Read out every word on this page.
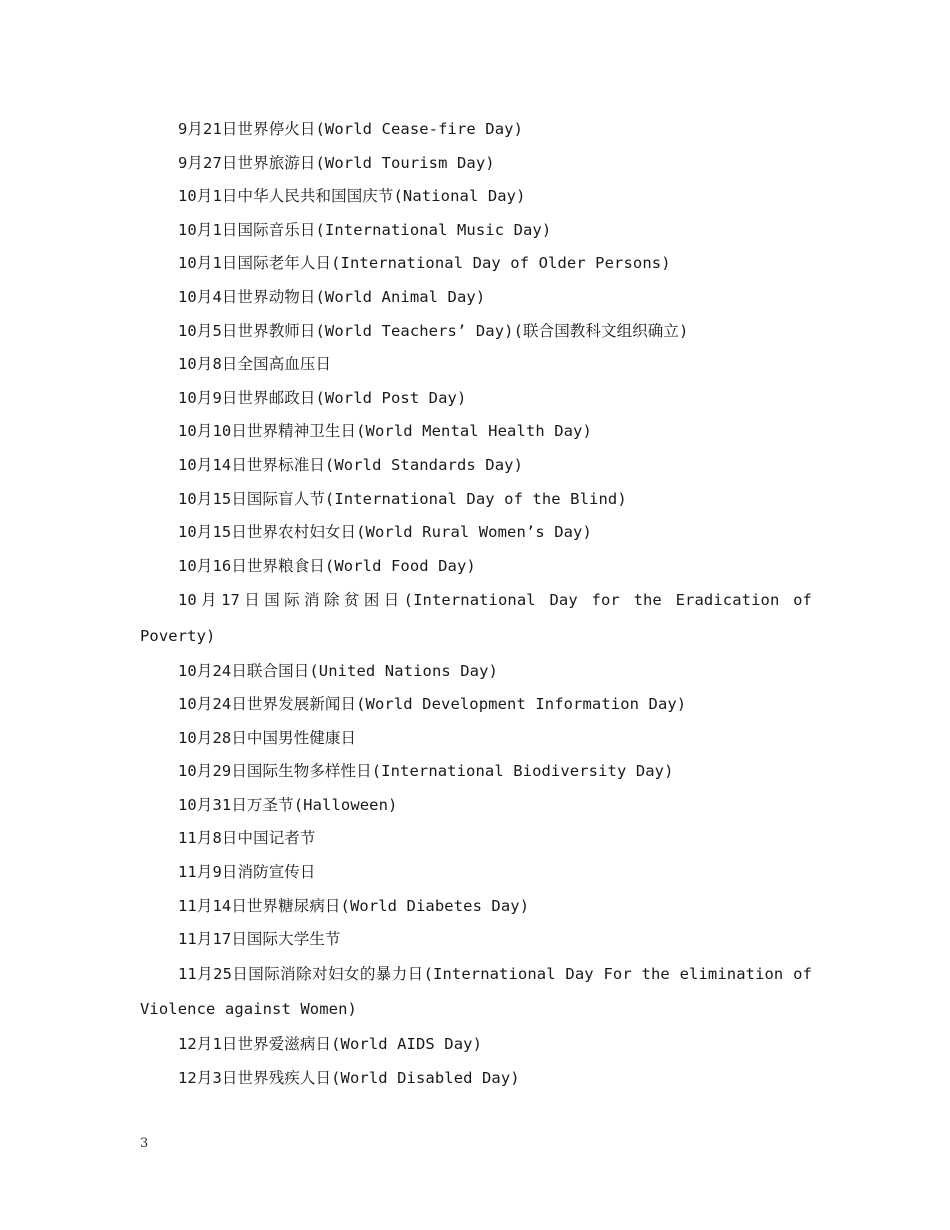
9月21日世界停火日(World Cease-fire Day)
9月27日世界旅游日(World Tourism Day)
10月1日中华人民共和国国庆节(National Day)
10月1日国际音乐日(International Music Day)
10月1日国际老年人日(International Day of Older Persons)
10月4日世界动物日(World Animal Day)
10月5日世界教师日(World Teachers’ Day)(联合国教科文组织确立)
10月8日全国高血压日
10月9日世界邮政日(World Post Day)
10月10日世界精神卫生日(World Mental Health Day)
10月14日世界标准日(World Standards Day)
10月15日国际盲人节(International Day of the Blind)
10月15日世界农村妇女日(World Rural Women’s Day)
10月16日世界粮食日(World Food Day)
10月17日国际消除贫困日(International Day for the Eradication of Poverty)
10月24日联合国日(United Nations Day)
10月24日世界发展新闻日(World Development Information Day)
10月28日中国男性健康日
10月29日国际生物多样性日(International Biodiversity Day)
10月31日万圣节(Halloween)
11月8日中国记者节
11月9日消防宣传日
11月14日世界糖尿病日(World Diabetes Day)
11月17日国际大学生节
11月25日国际消除对妇女的暴力日(International Day For the elimination of Violence against Women)
12月1日世界爱滋病日(World AIDS Day)
12月3日世界残疾人日(World Disabled Day)
3
